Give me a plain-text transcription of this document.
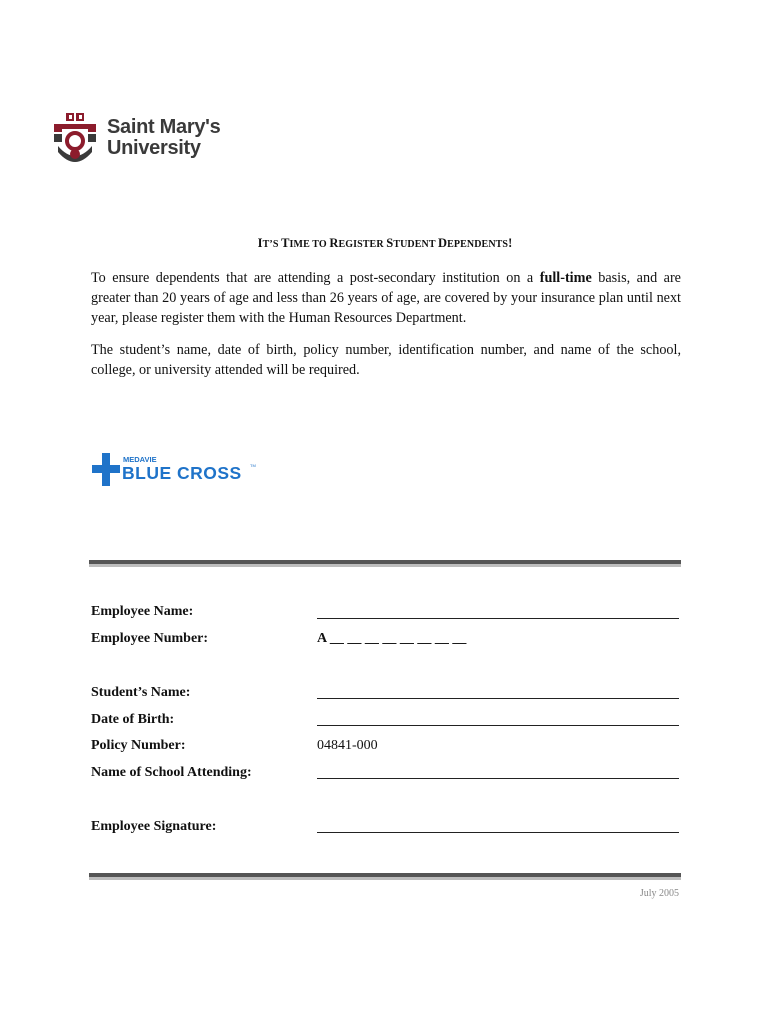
Saint Mary's
University
IT’S TIME TO REGISTER STUDENT DEPENDENTS!
To ensure dependents that are attending a post-secondary institution on a full-time basis, and are greater than 20 years of age and less than 26 years of age, are covered by your insurance plan until next year, please register them with the Human Resources Department.
The student’s name, date of birth, policy number, identification number, and name of the school, college, or university attended will be required.
MEDAVIE
BLUE CROSS TM
Employee Name:
Employee Number:	A __ __ __ __ __ __ __ __
Student’s Name:
Date of Birth:
Policy Number:	04841-000
Name of School Attending:
Employee Signature:
July 2005
